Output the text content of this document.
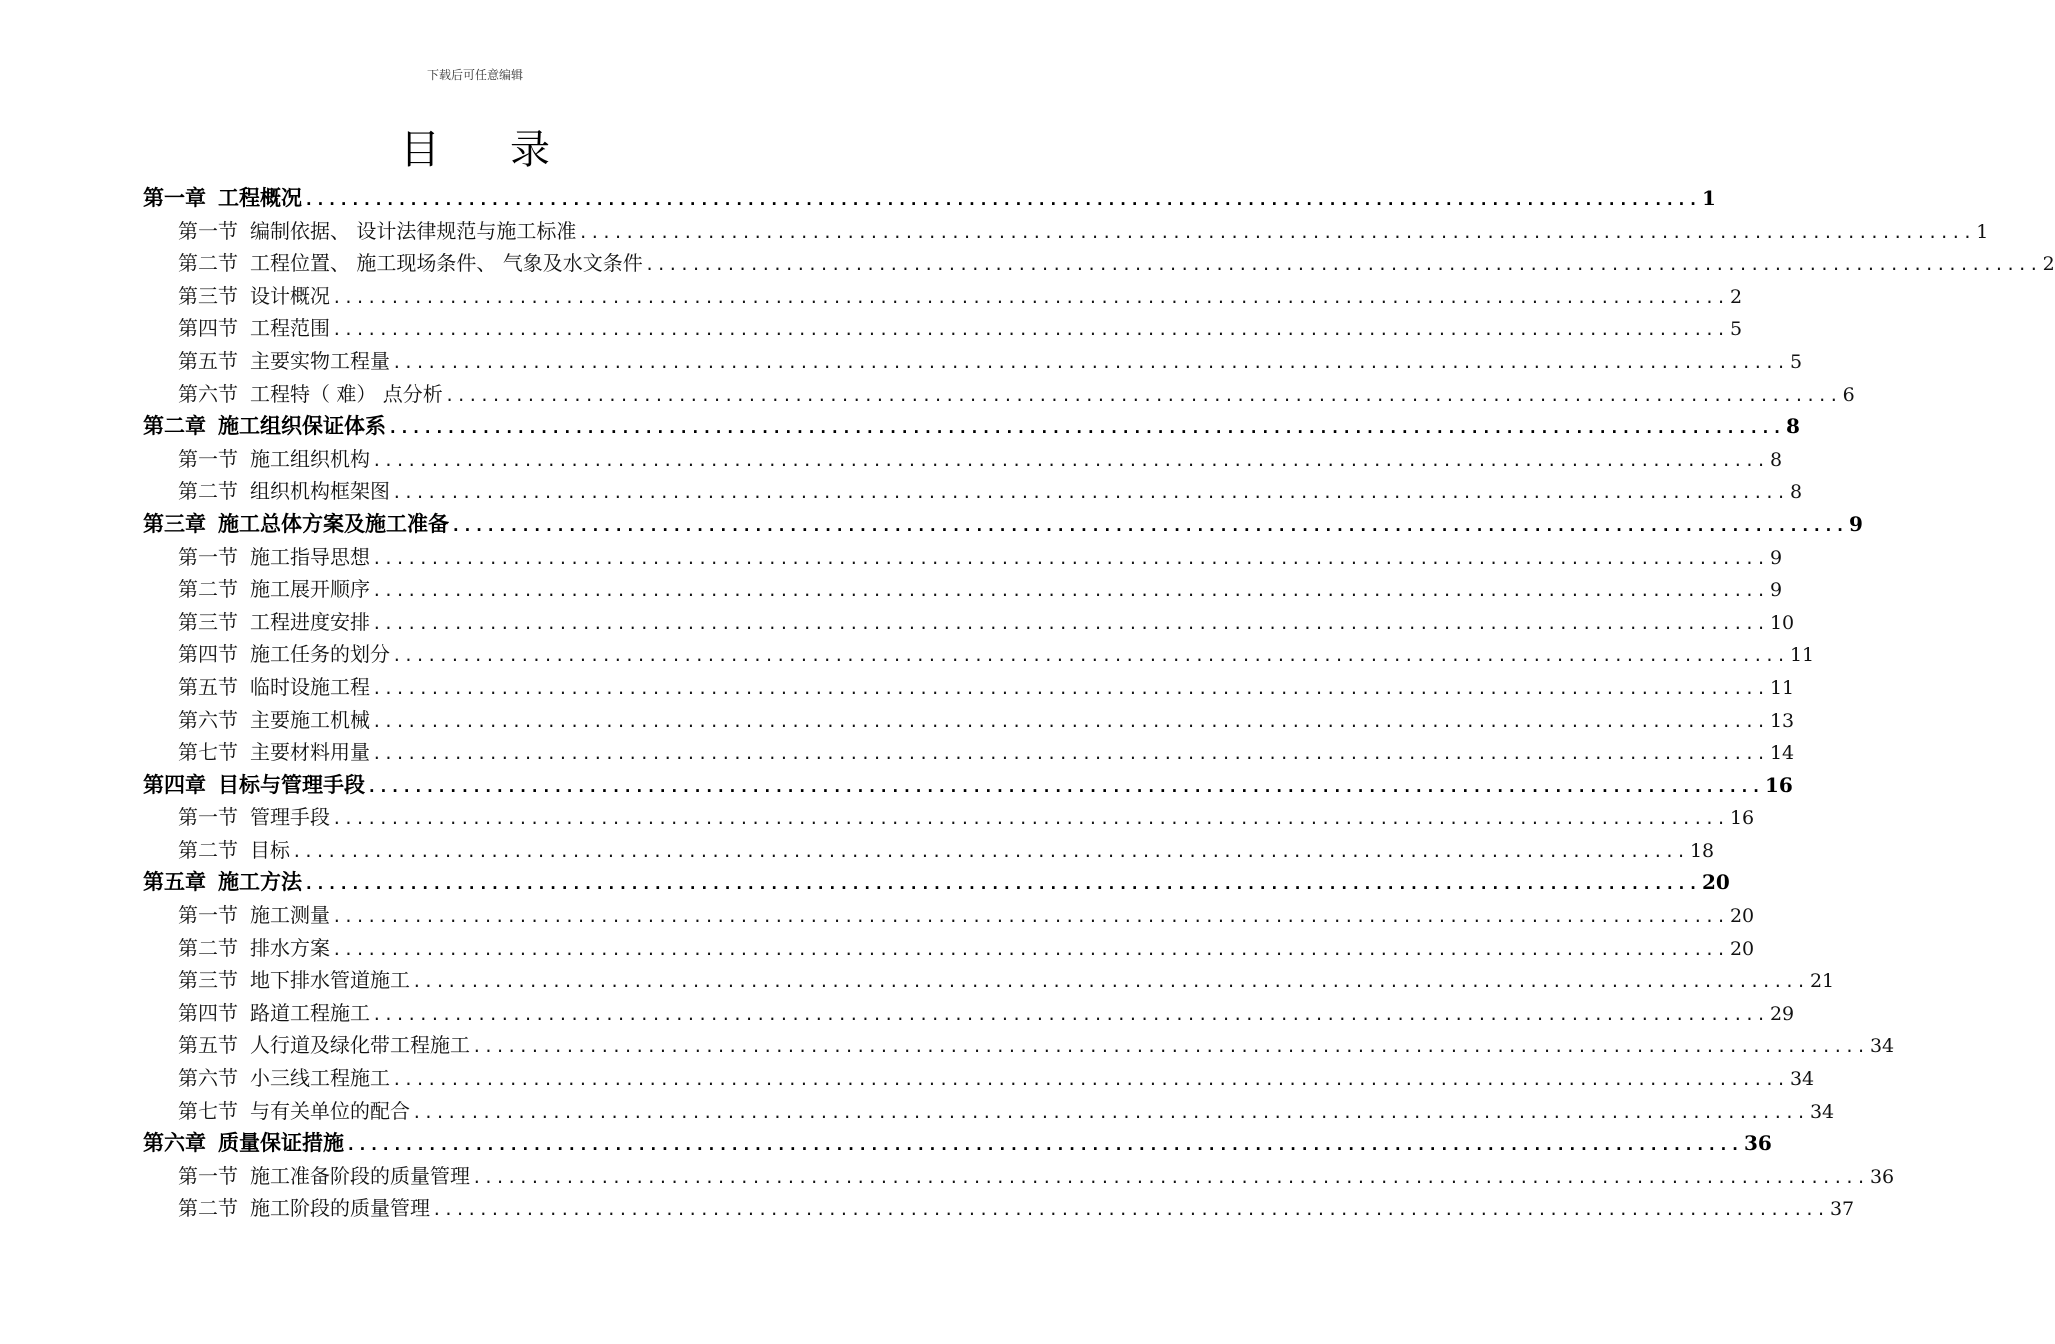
下载后可任意编辑
目录
第一章 工程概况 ........................................................................................................................ 1
第一节 编制依据、 设计法律规范与施工标准 ........................................................................................................................ 1
第二节 工程位置、 施工现场条件、 气象及水文条件 ........................................................................................................................ 2
第三节 设计概况 ........................................................................................................................ 2
第四节 工程范围 ........................................................................................................................ 5
第五节 主要实物工程量 ........................................................................................................................ 5
第六节 工程特（ 难） 点分析 ........................................................................................................................ 6
第二章 施工组织保证体系 ........................................................................................................................ 8
第一节 施工组织机构 ........................................................................................................................ 8
第二节 组织机构框架图 ........................................................................................................................ 8
第三章 施工总体方案及施工准备 ........................................................................................................................ 9
第一节 施工指导思想 ........................................................................................................................ 9
第二节 施工展开顺序 ........................................................................................................................ 9
第三节 工程进度安排 ........................................................................................................................ 10
第四节 施工任务的划分 ........................................................................................................................ 11
第五节 临时设施工程 ........................................................................................................................ 11
第六节 主要施工机械 ........................................................................................................................ 13
第七节 主要材料用量 ........................................................................................................................ 14
第四章 目标与管理手段 ........................................................................................................................ 16
第一节 管理手段 ........................................................................................................................ 16
第二节 目标 ........................................................................................................................ 18
第五章 施工方法 ........................................................................................................................ 20
第一节 施工测量 ........................................................................................................................ 20
第二节 排水方案 ........................................................................................................................ 20
第三节 地下排水管道施工 ........................................................................................................................ 21
第四节 路道工程施工 ........................................................................................................................ 29
第五节 人行道及绿化带工程施工 ........................................................................................................................ 34
第六节 小三线工程施工 ........................................................................................................................ 34
第七节 与有关单位的配合 ........................................................................................................................ 34
第六章 质量保证措施 ........................................................................................................................ 36
第一节 施工准备阶段的质量管理 ........................................................................................................................ 36
第二节 施工阶段的质量管理 ........................................................................................................................ 37
